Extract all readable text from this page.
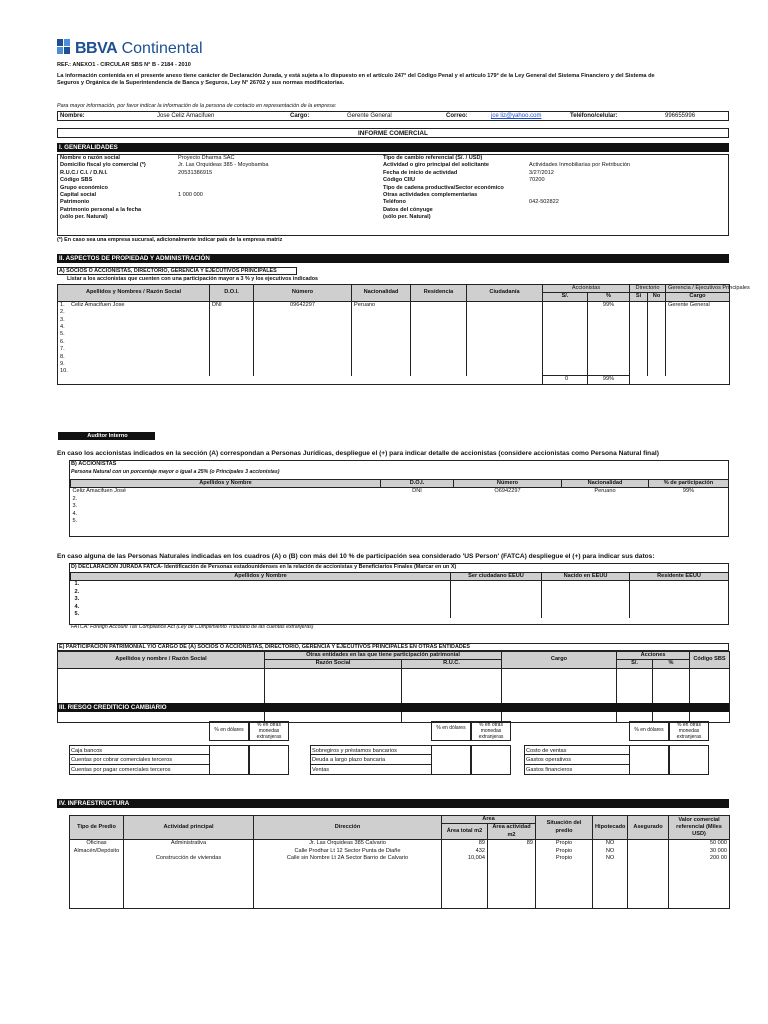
BBVA Continental
REF.: ANEXO1 - CIRCULAR SBS N° B - 2184 - 2010
La información contenida en el presente anexo tiene carácter de Declaración Jurada, y está sujeta a lo dispuesto en el artículo 247° del Código Penal y el artículo 179° de la Ley General del Sistema Financiero y del Sistema de
Seguros y Orgánica de la Superintendencia de Banca y Seguros, Ley N° 26702 y sus normas modificatorias.
Para mayor información, por favor indicar la información de la persona de contacto en representación de la empresa:
Nombre:	Jose Celiz Amacifuen	Cargo:	Gerente General	Correo:	jce liz@yahoo.com	Teléfono/celular:	996655996
INFORME COMERCIAL
I. GENERALIDADES
Nombre o razón social	Proyecto Dharma SAC
Domicilio fiscal y/o comercial (*)	Jr. Las Orquideas 385 - Moyobamba
R.U.C./ C.I. / D.N.I.	20531386915
Código SBS	
Grupo económico	
Capital social	1 000 000
Patrimonio	
Patrimonio personal a la fecha	
(sólo per. Natural)	
Tipo de cambio referencial (S/. / USD)	
Actividad o giro principal del solicitante	Actividades Inmobiliarias por Retribución
Fecha de inicio de actividad	3/27/2012
Código CIIU	70200
Tipo de cadena productiva/Sector económico	
Otras actividades complementarias	
Teléfono	042-502822
Datos del cónyuge	
(sólo per. Natural)	
(*) En caso sea una empresa sucursal, adicionalmente indicar país de la empresa matriz
II. ASPECTOS DE PROPIEDAD Y ADMINISTRACIÓN
A) SOCIOS O ACCIONISTAS, DIRECTORIO, GERENCIA Y EJECUTIVOS PRINCIPALES
Listar a los accionistas que cuenten con una participación mayor a 3 % y los ejecutivos indicados
Apellidos y Nombres / Razón Social	D.O.I.	Número	Nacionalidad	Residencia	Ciudadanía	Accionistas		Directorio		Gerencia / Ejecutivos Principales
						S/.	%	Si	No	Cargo
1. Celiz Amacifuen Jose	DNI	09642297	Peruano				99%			Gerente General
2.										
3.										
4.										
5.										
6.										
7.										
8.										
9.										
10.										
						0	99%			
Auditor Interno
En caso los accionistas indicados en la sección (A) correspondan a Personas Jurídicas, despliegue el (+) para indicar detalle de accionistas (considere accionistas como Persona Natural final)
B) ACCIONISTAS
Persona Natural con un porcentaje mayor o igual a 25% (o Principales 3 accionistas)
Apellidos y Nombre	D.O.I.	Número	Nacionalidad	% de participación
Celiz Amacifuen José	DNI	O6942297	Peruano	99%
2.				
3.				
4.				
5.				
En caso alguna de las Personas Naturales indicadas en los cuadros (A) o (B) con más del 10 % de participación sea considerado 'US Person' (FATCA) despliegue el (+) para indicar sus datos:
D) DECLARACIÓN JURADA FATCA- Identificación de Personas estadounidenses en la relación de accionistas y Beneficiarios Finales (Marcar en un X)
Apellidos y Nombre	Ser ciudadano EEUU	Nacido en EEUU	Residente EEUU
1.			
2.			
3.			
4.			
5.			
FATCA: Foreign Account Tax Compliance Act (Ley de Cumplimiento Tributario de las cuentas extranjeras)
E) PARTICIPACIÓN PATRIMONIAL Y/O CARGO DE (A) SOCIOS O ACCIONISTAS, DIRECTORIO, GERENCIA Y EJECUTIVOS PRINCIPALES EN OTRAS ENTIDADES
Apellidos y nombre / Razón Social	Otras entidades en las que tiene participación patrimonial		Cargo	Acciones		Código SBS
	Razón Social	R.U.C.		S/.	%	

III. RIESGO CREDITICIO CAMBIARIO
% en dólares
% en otras monedas extranjeras
Caja bancos
Cuentas por cobrar comerciales terceros
Cuentas por pagar comerciales terceros
% en dólares	% en otras monedas extranjeras
Sobregiros y préstamos bancarios
Deuda a largo plazo bancaria
Ventas
% en dólares
% en otras monedas extranjeras
Costo de ventas
Gastos operativos
Gastos financieros
IV. INFRAESTRUCTURA
Tipo de Predio	Actividad principal	Dirección	Área		Situación del predio	Hipotecado	Asegurado	Valor comercial referencial (Miles USD)
			Área total m2	Área actividad m2				
Oficinas	Administrativa	Jr. Las Orquideas 385 Calvario	89	89	Propio	NO		50 000
Almacén/Depósito		Calle Prodhar Lt 12 Sector Punta de Diañe	432		Propio	NO		30 000
	Construcción de viviendas	Calle sin Nombre Lt 2A Sector Barrio de Calvario	10,004		Propio	NO		200 00
